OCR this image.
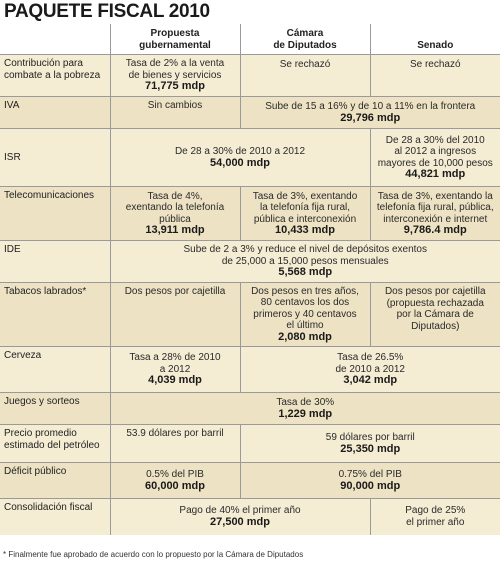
PAQUETE FISCAL 2010

	Propuesta
gubernamental	Cámara
de Diputados	Senado

Contribución para
combate a la pobreza	Tasa de 2% a la venta
de bienes y servicios
71,775 mdp	Se rechazó	Se rechazó
IVA	Sin cambios	Sube de 15 a 16% y de 10 a 11% en la frontera
29,796 mdp	

ISR	De 28 a 30% de 2010 a 2012
54,000 mdp		De 28 a 30% del 2010
al 2012 a ingresos
mayores de 10,000 pesos
44,821 mdp

Telecomunicaciones	Tasa de 4%,
exentando la telefonía
pública
13,911 mdp	Tasa de 3%, exentando
la telefonía fija rural,
pública e interconexión
10,433 mdp	Tasa de 3%, exentando la
telefonía fija rural, pública,
interconexión e internet
9,786.4 mdp

IDE	Sube de 2 a 3% y reduce el nivel de depósitos exentos
de 25,000 a 15,000 pesos mensuales
5,568 mdp		

Tabacos labrados*	Dos pesos por cajetilla	Dos pesos en tres años,
80 centavos los dos
primeros y 40 centavos
el último
2,080 mdp	Dos pesos por cajetilla
(propuesta rechazada
por la Cámara de
Diputados)

Cerveza	Tasa a 28% de 2010
a 2012
4,039 mdp	Tasa de 26.5%
de 2010 a 2012
3,042 mdp	

Juegos y sorteos	Tasa de 30%
1,229 mdp		

Precio promedio
estimado del petróleo	53.9 dólares por barril	59 dólares por barril
25,350 mdp	

Déficit público	0.5% del PIB
60,000 mdp	0.75% del PIB
90,000 mdp	

Consolidación fiscal	Pago de 40% el primer año
27,500 mdp		Pago de 25%
el primer año
* Finalmente fue aprobado de acuerdo con lo propuesto por la Cámara de Diputados
